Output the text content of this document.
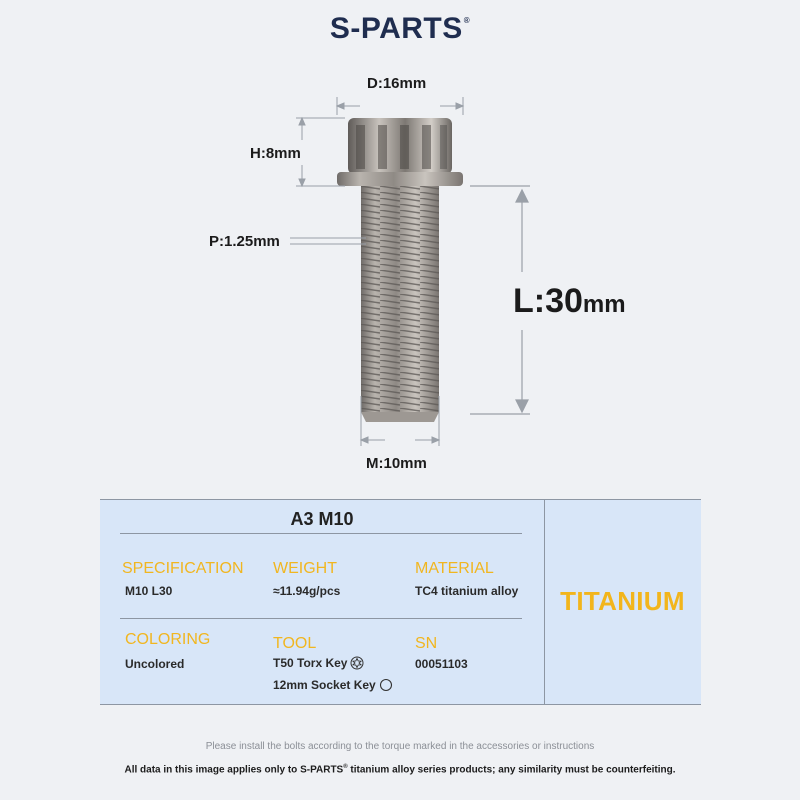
S-PARTS®
D:16mm
H:8mm
P:1.25mm
L:30mm
M:10mm
A3 M10
SPECIFICATION
M10 L30
WEIGHT
≈11.94g/pcs
MATERIAL
TC4 titanium alloy
COLORING
Uncolored
TOOL
T50 Torx Key
12mm Socket Key
SN
00051103
TITANIUM
Please install the bolts according to the torque marked in the accessories or instructions
All data in this image applies only to S-PARTS® titanium alloy series products; any similarity must be counterfeiting.
